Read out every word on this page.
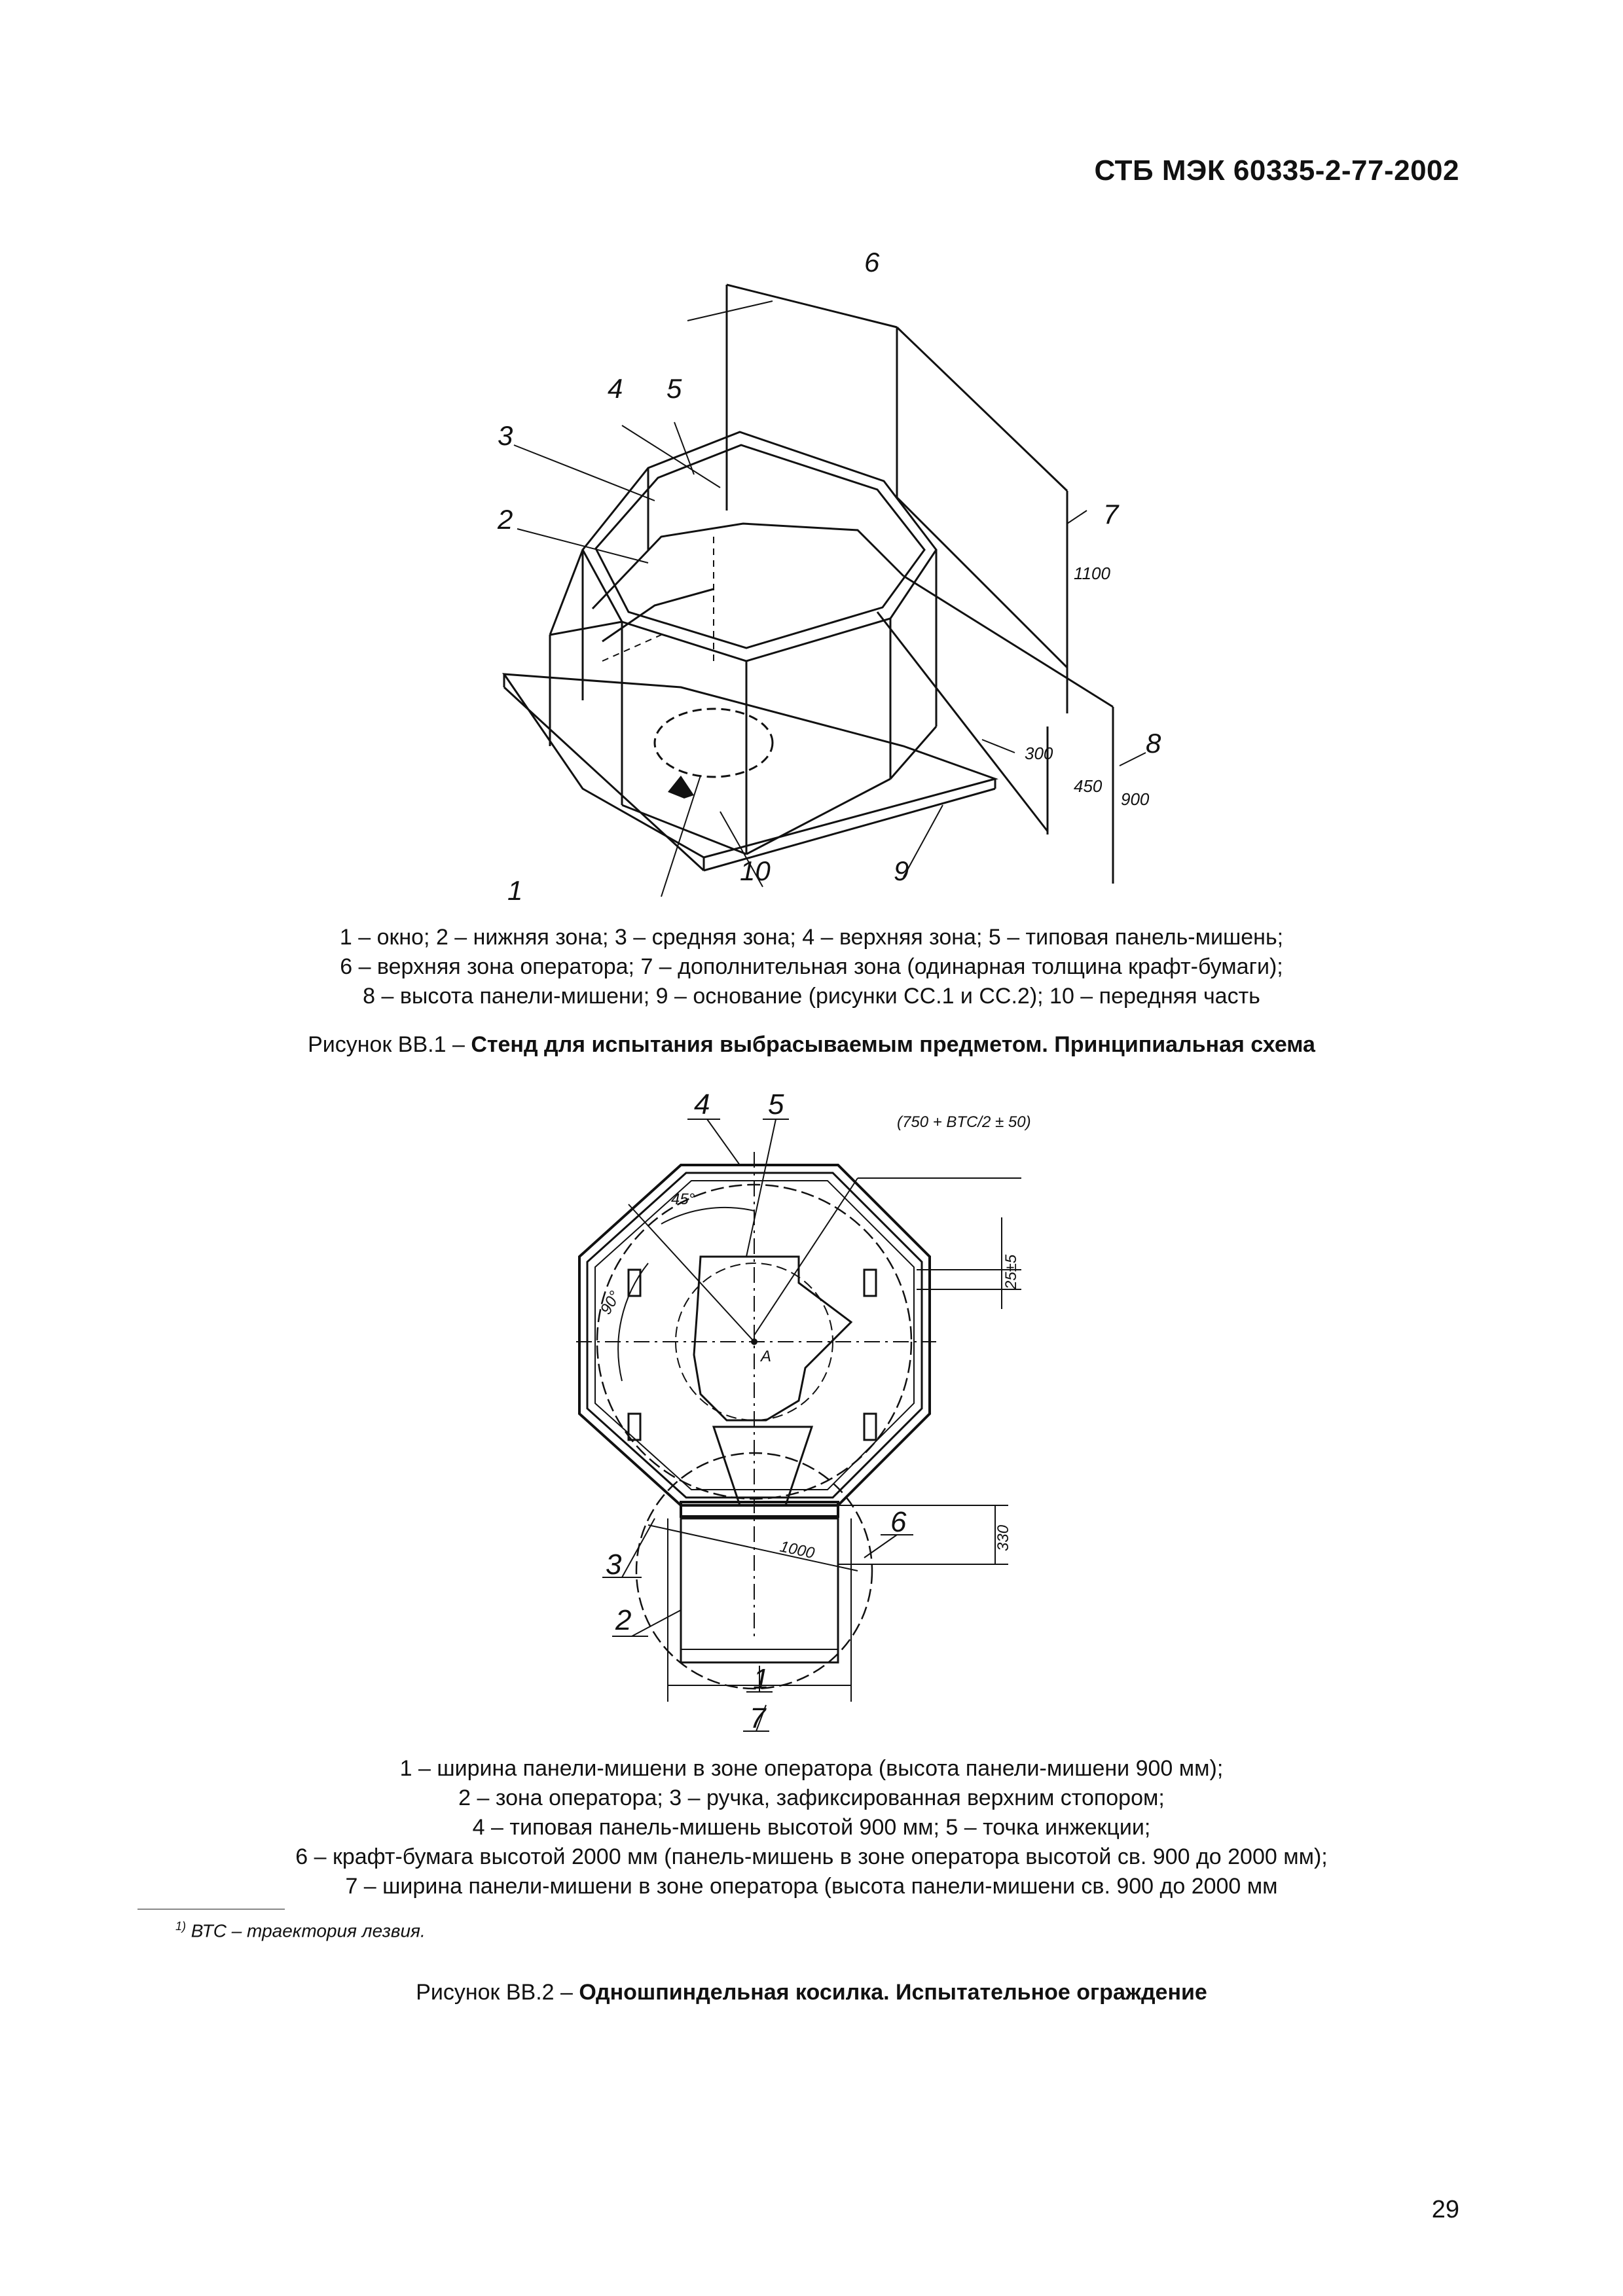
СТБ МЭК 60335-2-77-2002
1
2
3
4 5
6
7
8
9
10
1100
300
450
900
1 – окно; 2 – нижняя зона; 3 – средняя зона; 4 – верхняя зона; 5 – типовая панель-мишень;
6 – верхняя зона оператора; 7 – дополнительная зона (одинарная толщина крафт-бумаги);
8 – высота панели-мишени; 9 – основание (рисунки СС.1 и СС.2); 10 – передняя часть
Рисунок ВВ.1 – Стенд для испытания выбрасываемым предметом. Принципиальная схема
1
2
3
4 5
6
7
(750 + BTC/2 ± 50)
25±5
330
1000
45°
90°
A
1 – ширина панели-мишени в зоне оператора (высота панели-мишени 900 мм);
2 – зона оператора; 3 – ручка, зафиксированная верхним стопором;
4 – типовая панель-мишень высотой 900 мм; 5 – точка инжекции;
6 – крафт-бумага высотой 2000 мм (панель-мишень в зоне оператора высотой св. 900 до 2000 мм);
7 – ширина панели-мишени в зоне оператора (высота панели-мишени св. 900 до 2000 мм
$^{1)}$ ВТС – траектория лезвия.
Рисунок ВВ.2 – Одношпиндельная косилка. Испытательное ограждение
29
